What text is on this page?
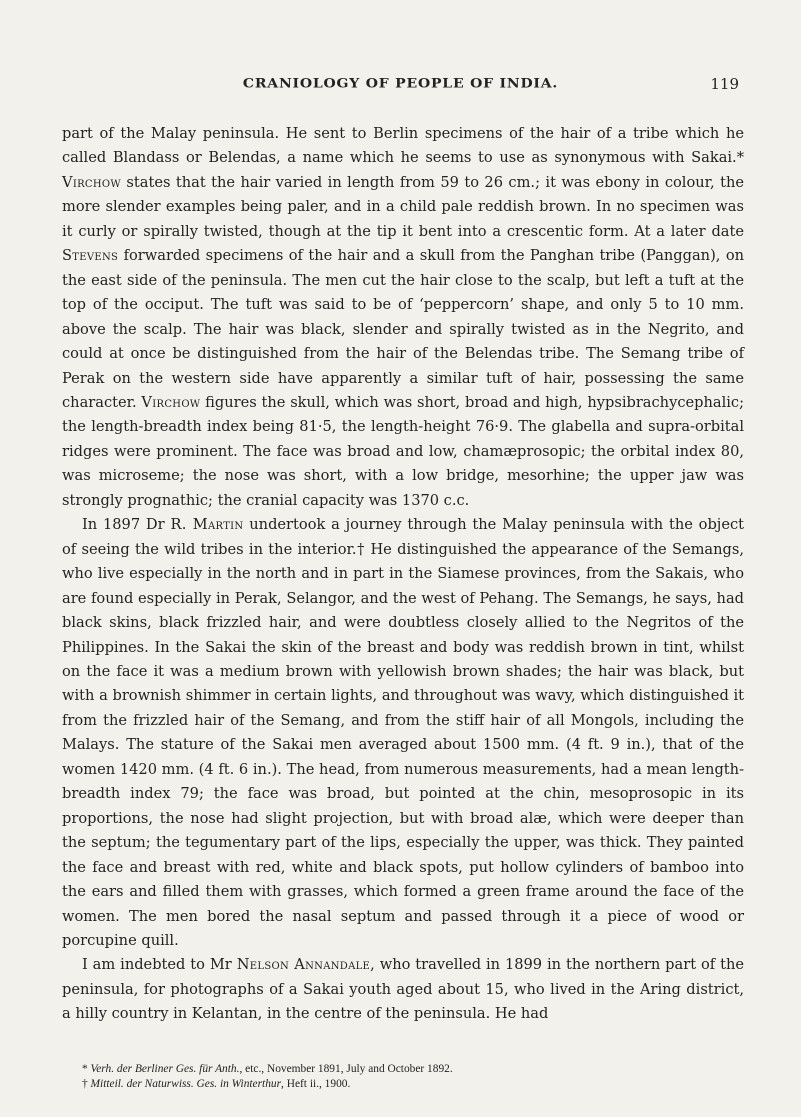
CRANIOLOGY OF PEOPLE OF INDIA.	119

part of the Malay peninsula. He sent to Berlin specimens of the hair of a tribe which he called Blandass or Belendas, a name which he seems to use as synonymous with Sakai.* Virchow states that the hair varied in length from 59 to 26 cm.; it was ebony in colour, the more slender examples being paler, and in a child pale reddish brown. In no specimen was it curly or spirally twisted, though at the tip it bent into a crescentic form. At a later date Stevens forwarded specimens of the hair and a skull from the Panghan tribe (Panggan), on the east side of the peninsula. The men cut the hair close to the scalp, but left a tuft at the top of the occiput. The tuft was said to be of ‘peppercorn’ shape, and only 5 to 10 mm. above the scalp. The hair was black, slender and spirally twisted as in the Negrito, and could at once be distinguished from the hair of the Belendas tribe. The Semang tribe of Perak on the western side have apparently a similar tuft of hair, possessing the same character. Virchow figures the skull, which was short, broad and high, hypsibrachycephalic; the length-breadth index being 81·5, the length-height 76·9. The glabella and supra-orbital ridges were prominent. The face was broad and low, chamæprosopic; the orbital index 80, was microseme; the nose was short, with a low bridge, mesorhine; the upper jaw was strongly prognathic; the cranial capacity was 1370 c.c.

In 1897 Dr R. Martin undertook a journey through the Malay peninsula with the object of seeing the wild tribes in the interior.† He distinguished the appearance of the Semangs, who live especially in the north and in part in the Siamese provinces, from the Sakais, who are found especially in Perak, Selangor, and the west of Pehang. The Semangs, he says, had black skins, black frizzled hair, and were doubtless closely allied to the Negritos of the Philippines. In the Sakai the skin of the breast and body was reddish brown in tint, whilst on the face it was a medium brown with yellowish brown shades; the hair was black, but with a brownish shimmer in certain lights, and throughout was wavy, which distinguished it from the frizzled hair of the Semang, and from the stiff hair of all Mongols, including the Malays. The stature of the Sakai men averaged about 1500 mm. (4 ft. 9 in.), that of the women 1420 mm. (4 ft. 6 in.). The head, from numerous measurements, had a mean length-breadth index 79; the face was broad, but pointed at the chin, mesoprosopic in its proportions, the nose had slight projection, but with broad alæ, which were deeper than the septum; the tegumentary part of the lips, especially the upper, was thick. They painted the face and breast with red, white and black spots, put hollow cylinders of bamboo into the ears and filled them with grasses, which formed a green frame around the face of the women. The men bored the nasal septum and passed through it a piece of wood or porcupine quill.

I am indebted to Mr Nelson Annandale, who travelled in 1899 in the northern part of the peninsula, for photographs of a Sakai youth aged about 15, who lived in the Aring district, a hilly country in Kelantan, in the centre of the peninsula. He had

* Verh. der Berliner Ges. für Anth., etc., November 1891, July and October 1892.

† Mitteil. der Naturwiss. Ges. in Winterthur, Heft ii., 1900.
